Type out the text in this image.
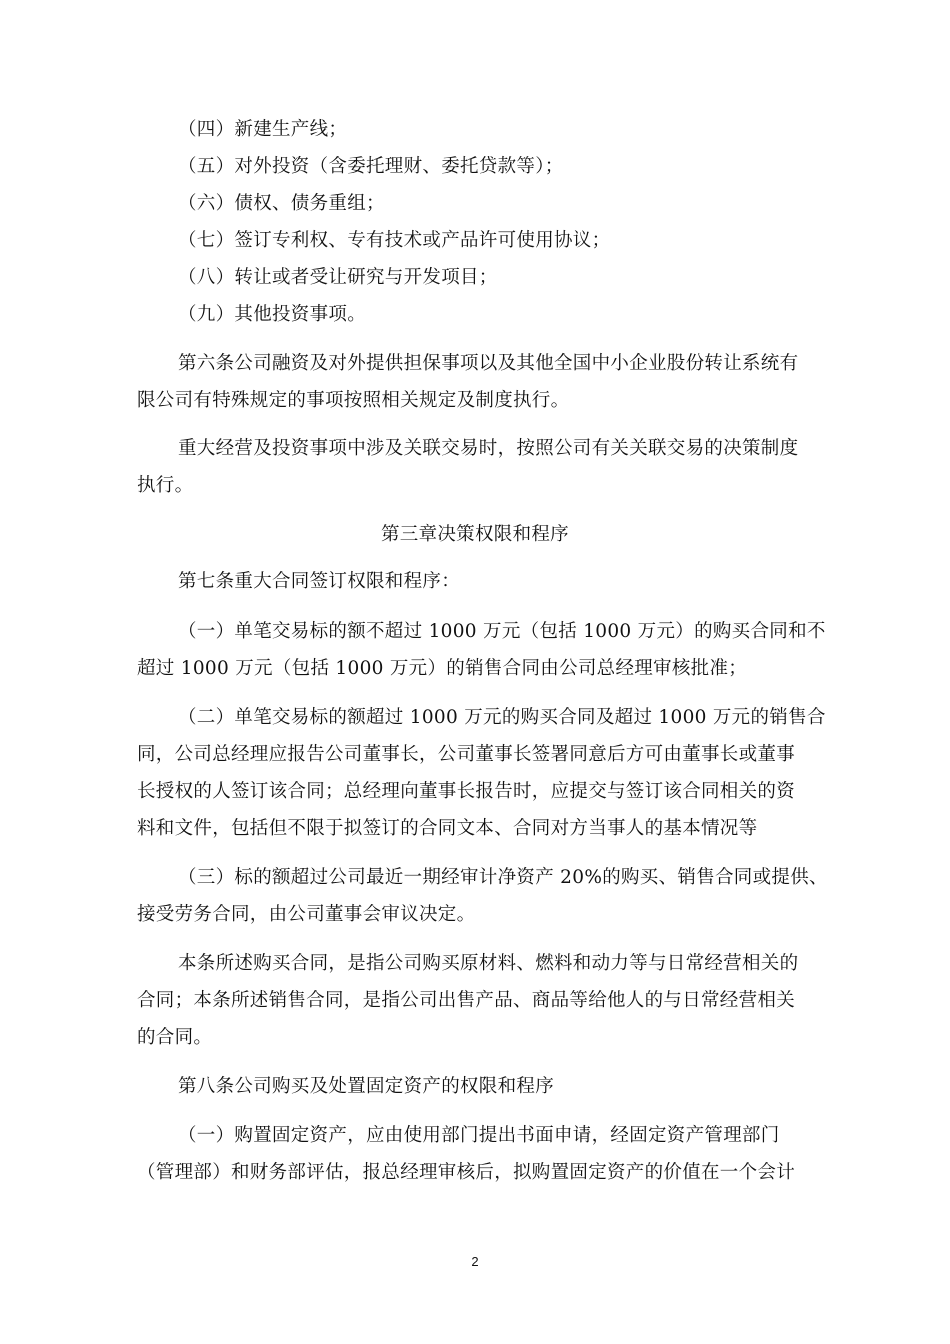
（四）新建生产线；
（五）对外投资（含委托理财、委托贷款等）；
（六）债权、债务重组；
（七）签订专利权、专有技术或产品许可使用协议；
（八）转让或者受让研究与开发项目；
（九）其他投资事项。
第六条公司融资及对外提供担保事项以及其他全国中小企业股份转让系统有
限公司有特殊规定的事项按照相关规定及制度执行。
重大经营及投资事项中涉及关联交易时，按照公司有关关联交易的决策制度
执行。
第三章决策权限和程序
第七条重大合同签订权限和程序：
（一）单笔交易标的额不超过 1000 万元（包括 1000 万元）的购买合同和不
超过 1000 万元（包括 1000 万元）的销售合同由公司总经理审核批准；
（二）单笔交易标的额超过 1000 万元的购买合同及超过 1000 万元的销售合
同，公司总经理应报告公司董事长，公司董事长签署同意后方可由董事长或董事
长授权的人签订该合同；总经理向董事长报告时，应提交与签订该合同相关的资
料和文件，包括但不限于拟签订的合同文本、合同对方当事人的基本情况等
（三）标的额超过公司最近一期经审计净资产 20%的购买、销售合同或提供、
接受劳务合同，由公司董事会审议决定。
本条所述购买合同，是指公司购买原材料、燃料和动力等与日常经营相关的
合同；本条所述销售合同，是指公司出售产品、商品等给他人的与日常经营相关
的合同。
第八条公司购买及处置固定资产的权限和程序
（一）购置固定资产，应由使用部门提出书面申请，经固定资产管理部门
（管理部）和财务部评估，报总经理审核后，拟购置固定资产的价值在一个会计
2
